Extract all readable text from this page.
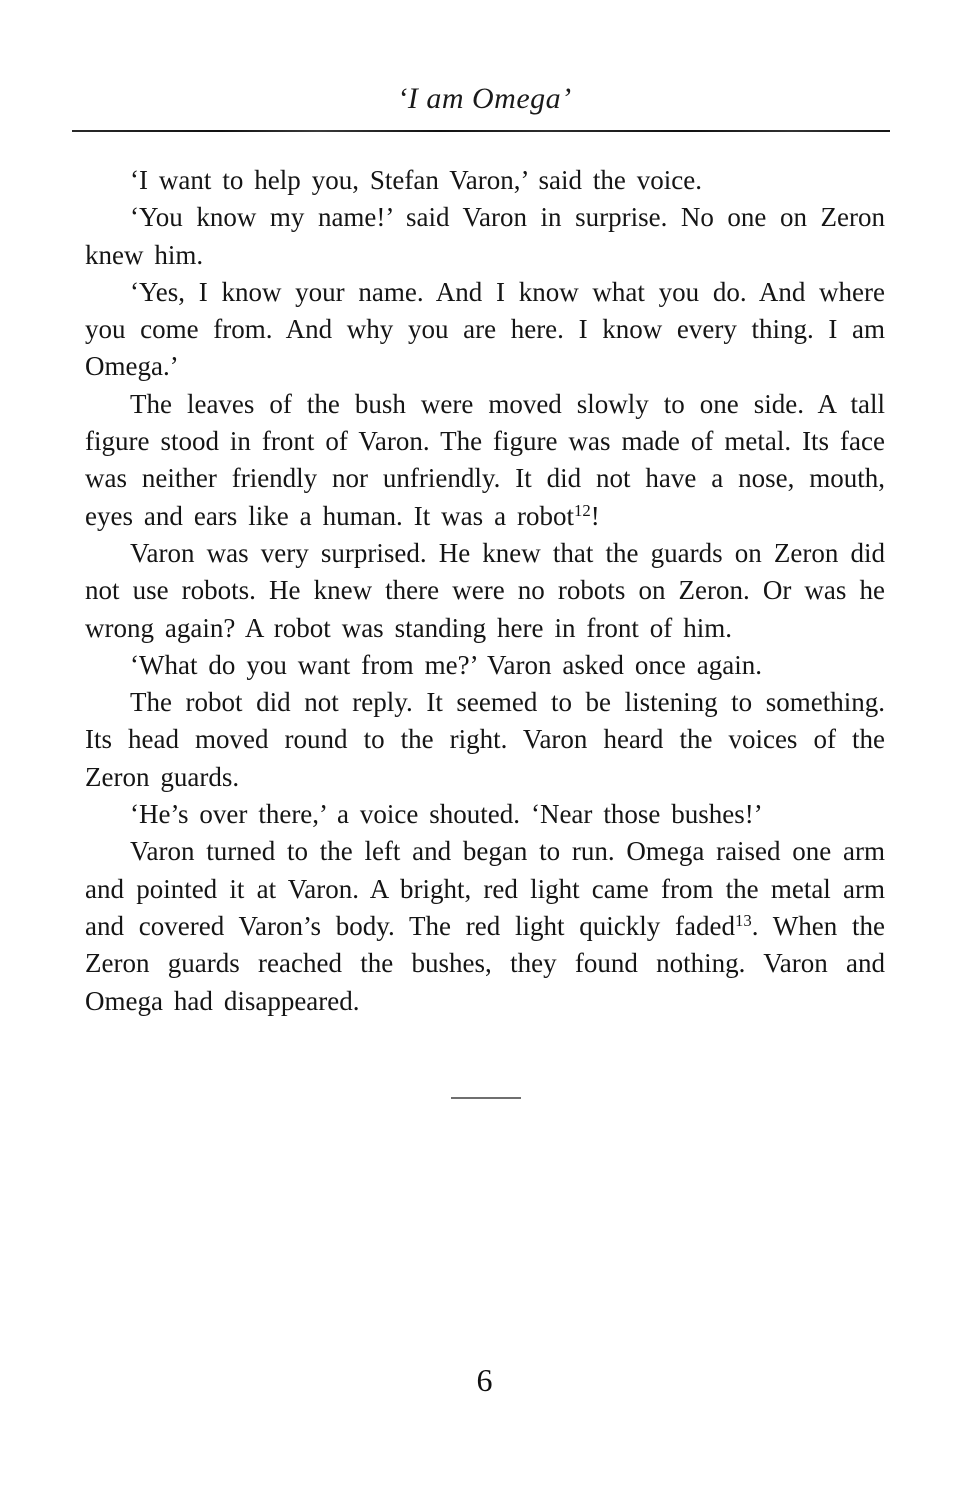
‘I am Omega’

‘I want to help you, Stefan Varon,’ said the voice.

‘You know my name!’ said Varon in surprise. No one on Zeron knew him.

‘Yes, I know your name. And I know what you do. And where you come from. And why you are here. I know every thing. I am Omega.’

The leaves of the bush were moved slowly to one side. A tall figure stood in front of Varon. The figure was made of metal. Its face was neither friendly nor unfriendly. It did not have a nose, mouth, eyes and ears like a human. It was a robot$^{12}$!

Varon was very surprised. He knew that the guards on Zeron did not use robots. He knew there were no robots on Zeron. Or was he wrong again? A robot was standing here in front of him.

‘What do you want from me?’ Varon asked once again.

The robot did not reply. It seemed to be listening to something. Its head moved round to the right. Varon heard the voices of the Zeron guards.

‘He’s over there,’ a voice shouted. ‘Near those bushes!’

Varon turned to the left and began to run. Omega raised one arm and pointed it at Varon. A bright, red light came from the metal arm and covered Varon’s body. The red light quickly faded$^{13}$. When the Zeron guards reached the bushes, they found nothing. Varon and Omega had disappeared.

6
